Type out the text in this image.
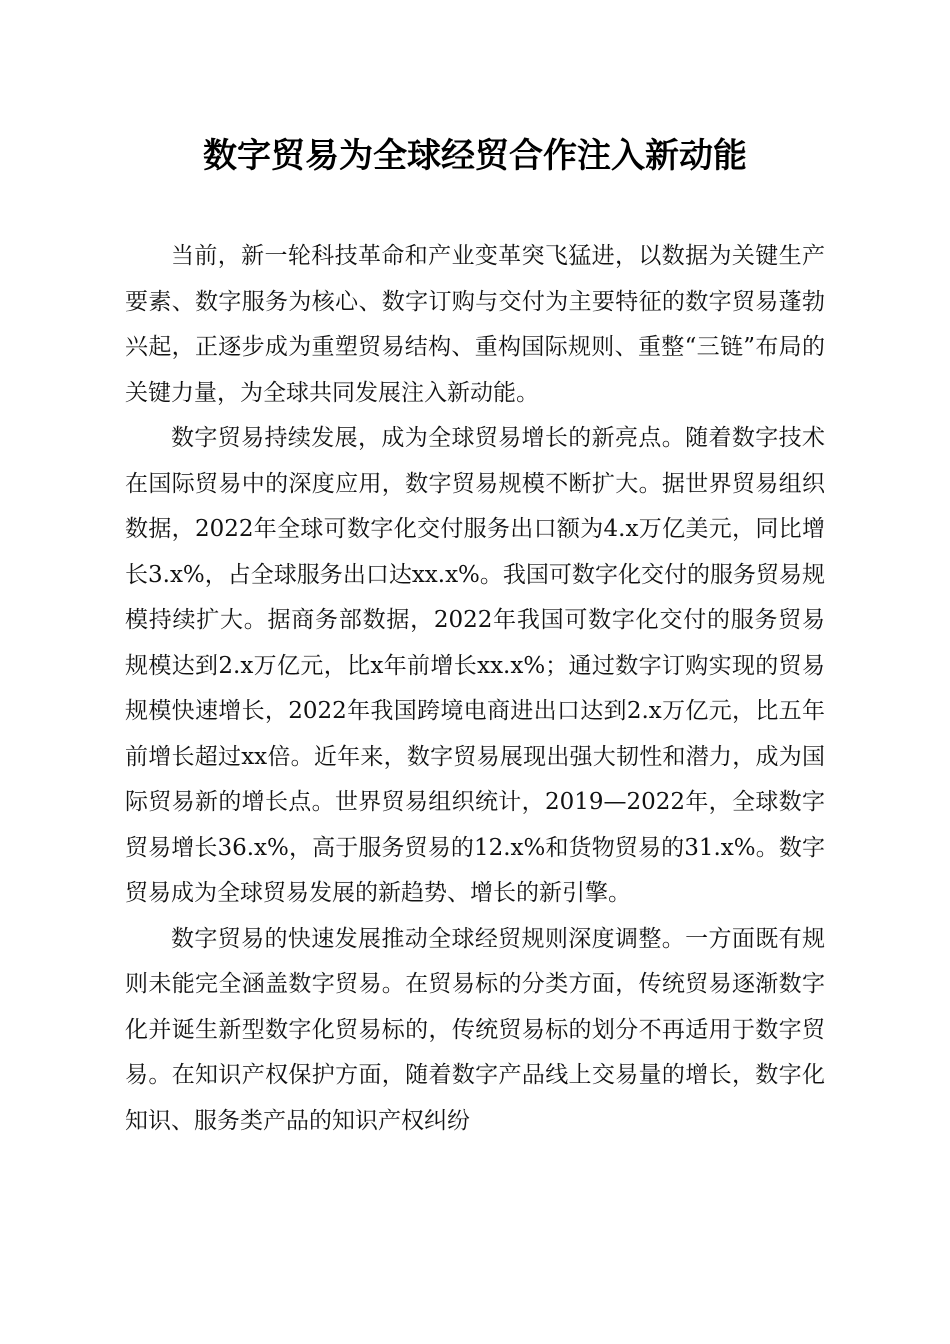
数字贸易为全球经贸合作注入新动能

当前，新一轮科技革命和产业变革突飞猛进，以数据为关键生产要素、数字服务为核心、数字订购与交付为主要特征的数字贸易蓬勃兴起，正逐步成为重塑贸易结构、重构国际规则、重整“三链”布局的关键力量，为全球共同发展注入新动能。

数字贸易持续发展，成为全球贸易增长的新亮点。随着数字技术在国际贸易中的深度应用，数字贸易规模不断扩大。据世界贸易组织数据，2022年全球可数字化交付服务出口额为4.x万亿美元，同比增长3.x%，占全球服务出口达xx.x%。我国可数字化交付的服务贸易规模持续扩大。据商务部数据，2022年我国可数字化交付的服务贸易规模达到2.x万亿元，比x年前增长xx.x%；通过数字订购实现的贸易规模快速增长，2022年我国跨境电商进出口达到2.x万亿元，比五年前增长超过xx倍。近年来，数字贸易展现出强大韧性和潜力，成为国际贸易新的增长点。世界贸易组织统计，2019—2022年，全球数字贸易增长36.x%，高于服务贸易的12.x%和货物贸易的31.x%。数字贸易成为全球贸易发展的新趋势、增长的新引擎。

数字贸易的快速发展推动全球经贸规则深度调整。一方面既有规则未能完全涵盖数字贸易。在贸易标的分类方面，传统贸易逐渐数字化并诞生新型数字化贸易标的，传统贸易标的划分不再适用于数字贸易。在知识产权保护方面，随着数字产品线上交易量的增长，数字化知识、服务类产品的知识产权纠纷
